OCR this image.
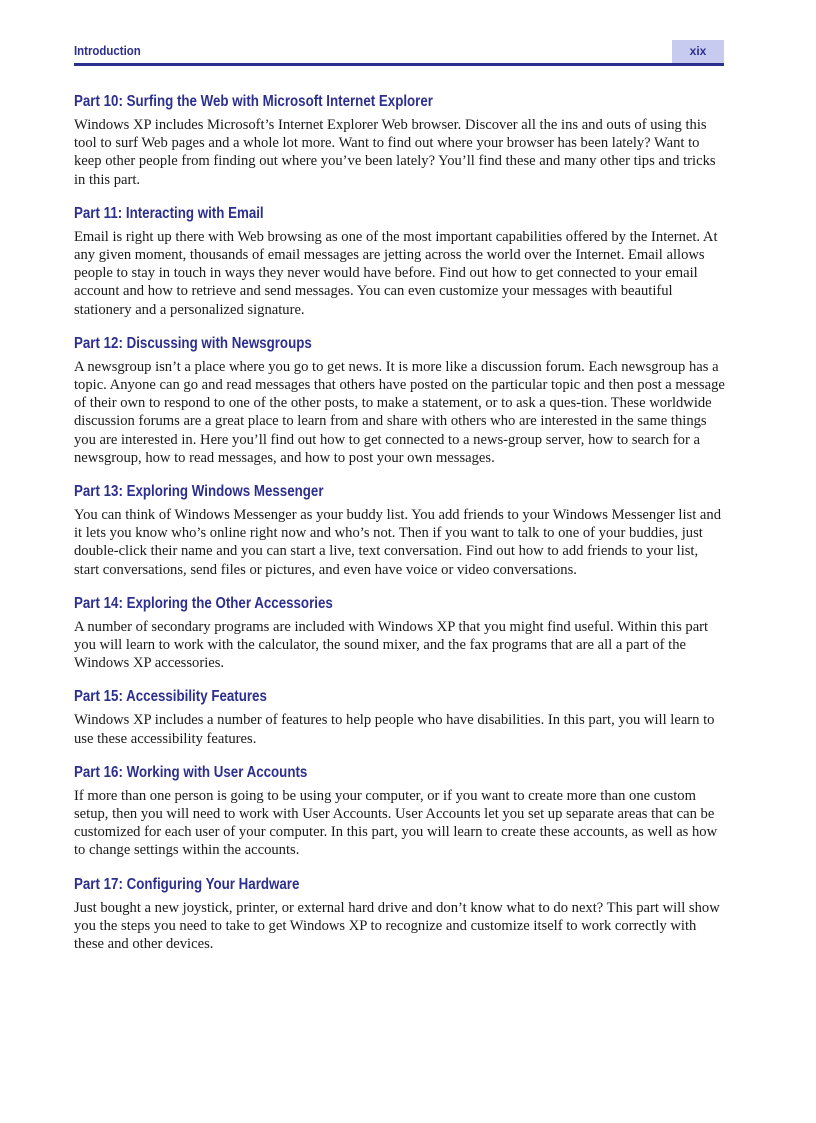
Introduction	xix
Part 10: Surfing the Web with Microsoft Internet Explorer

Windows XP includes Microsoft’s Internet Explorer Web browser. Discover all the ins and outs of using this tool to surf Web pages and a whole lot more. Want to find out where your browser has been lately? Want to keep other people from finding out where you’ve been lately? You’ll find these and many other tips and tricks in this part.

Part 11: Interacting with Email

Email is right up there with Web browsing as one of the most important capabilities offered by the Internet. At any given moment, thousands of email messages are jetting across the world over the Internet. Email allows people to stay in touch in ways they never would have before. Find out how to get connected to your email account and how to retrieve and send messages. You can even customize your messages with beautiful stationery and a personalized signature.

Part 12: Discussing with Newsgroups

A newsgroup isn’t a place where you go to get news. It is more like a discussion forum. Each newsgroup has a topic. Anyone can go and read messages that others have posted on the particular topic and then post a message of their own to respond to one of the other posts, to make a statement, or to ask a ques-tion. These worldwide discussion forums are a great place to learn from and share with others who are interested in the same things you are interested in. Here you’ll find out how to get connected to a news-group server, how to search for a newsgroup, how to read messages, and how to post your own messages.

Part 13: Exploring Windows Messenger

You can think of Windows Messenger as your buddy list. You add friends to your Windows Messenger list and it lets you know who’s online right now and who’s not. Then if you want to talk to one of your buddies, just double-click their name and you can start a live, text conversation. Find out how to add friends to your list, start conversations, send files or pictures, and even have voice or video conversations.

Part 14: Exploring the Other Accessories

A number of secondary programs are included with Windows XP that you might find useful. Within this part you will learn to work with the calculator, the sound mixer, and the fax programs that are all a part of the Windows XP accessories.

Part 15: Accessibility Features

Windows XP includes a number of features to help people who have disabilities. In this part, you will learn to use these accessibility features.

Part 16: Working with User Accounts

If more than one person is going to be using your computer, or if you want to create more than one custom setup, then you will need to work with User Accounts. User Accounts let you set up separate areas that can be customized for each user of your computer. In this part, you will learn to create these accounts, as well as how to change settings within the accounts.

Part 17: Configuring Your Hardware

Just bought a new joystick, printer, or external hard drive and don’t know what to do next? This part will show you the steps you need to take to get Windows XP to recognize and customize itself to work correctly with these and other devices.
